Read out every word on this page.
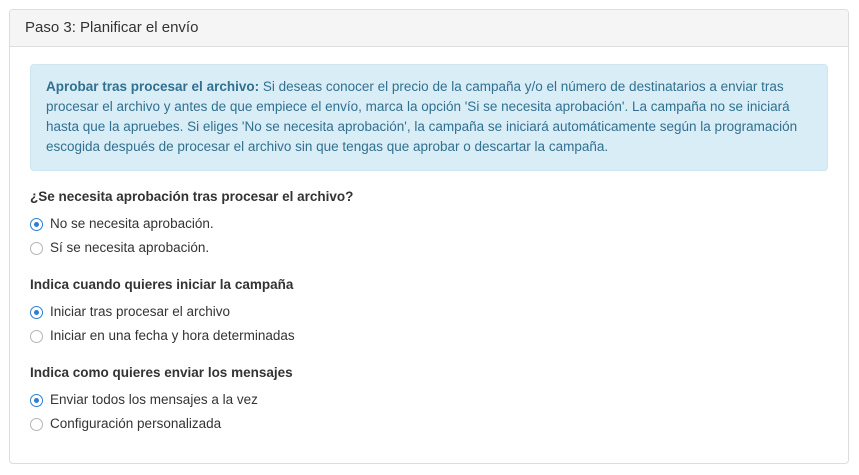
Paso 3: Planificar el envío
Aprobar tras procesar el archivo: Si deseas conocer el precio de la campaña y/o el número de destinatarios a enviar tras procesar el archivo y antes de que empiece el envío, marca la opción 'Si se necesita aprobación'. La campaña no se iniciará hasta que la apruebes. Si eliges 'No se necesita aprobación', la campaña se iniciará automáticamente según la programación escogida después de procesar el archivo sin que tengas que aprobar o descartar la campaña.
¿Se necesita aprobación tras procesar el archivo?
No se necesita aprobación.
Sí se necesita aprobación.
Indica cuando quieres iniciar la campaña
Iniciar tras procesar el archivo
Iniciar en una fecha y hora determinadas
Indica como quieres enviar los mensajes
Enviar todos los mensajes a la vez
Configuración personalizada
